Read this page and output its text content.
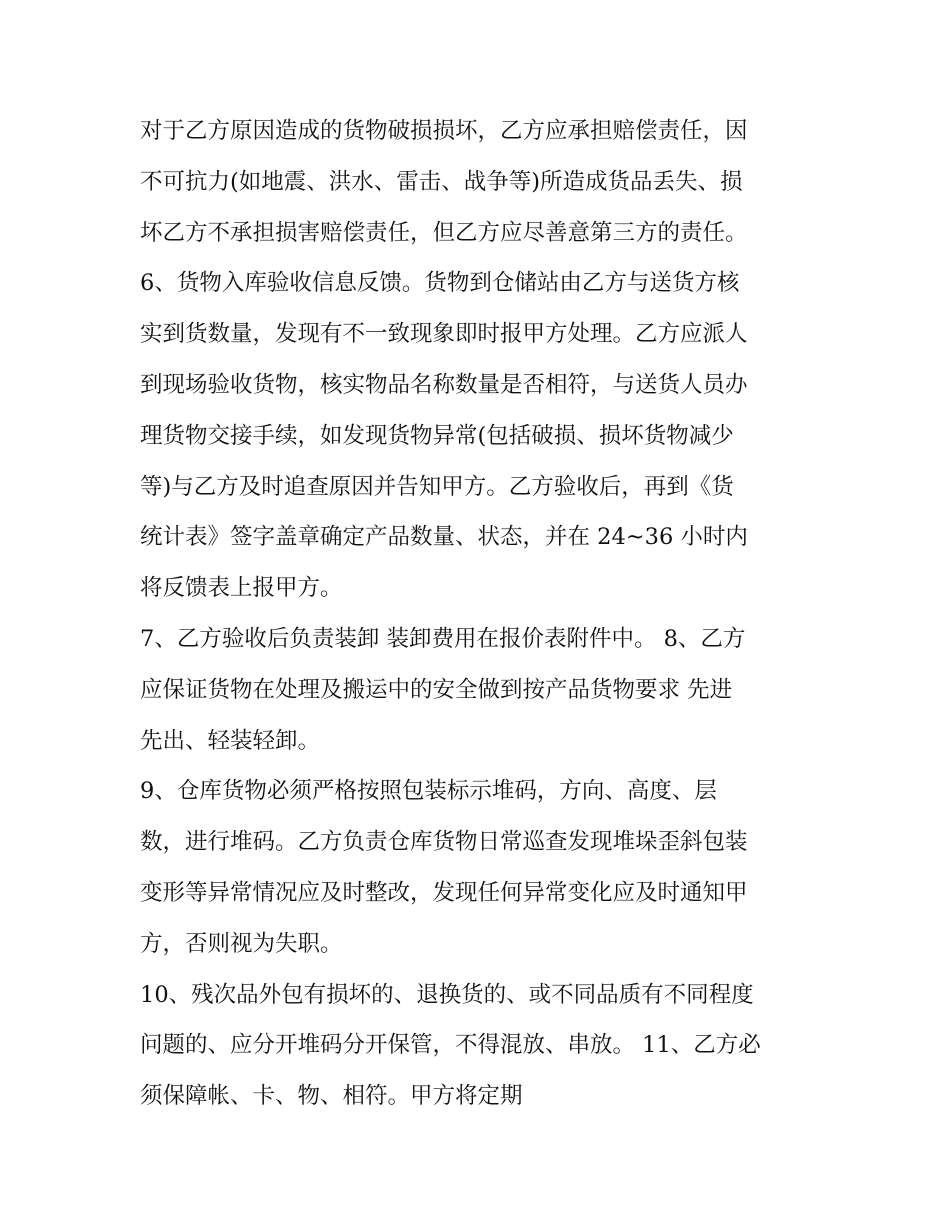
对于乙方原因造成的货物破损损坏，乙方应承担赔偿责任，因
不可抗力(如地震、洪水、雷击、战争等)所造成货品丢失、损
坏乙方不承担损害赔偿责任，但乙方应尽善意第三方的责任。
6、货物入库验收信息反馈。货物到仓储站由乙方与送货方核
实到货数量，发现有不一致现象即时报甲方处理。乙方应派人
到现场验收货物，核实物品名称数量是否相符，与送货人员办
理货物交接手续，如发现货物异常(包括破损、损坏货物减少
等)与乙方及时追查原因并告知甲方。乙方验收后，再到《货
统计表》签字盖章确定产品数量、状态，并在 24~36 小时内
将反馈表上报甲方。
7、乙方验收后负责装卸 装卸费用在报价表附件中。 8、乙方
应保证货物在处理及搬运中的安全做到按产品货物要求 先进
先出、轻装轻卸。
9、仓库货物必须严格按照包装标示堆码，方向、高度、层
数，进行堆码。乙方负责仓库货物日常巡查发现堆垛歪斜包装
变形等异常情况应及时整改，发现任何异常变化应及时通知甲
方，否则视为失职。
10、残次品外包有损坏的、退换货的、或不同品质有不同程度
问题的、应分开堆码分开保管，不得混放、串放。 11、乙方必
须保障帐、卡、物、相符。甲方将定期
